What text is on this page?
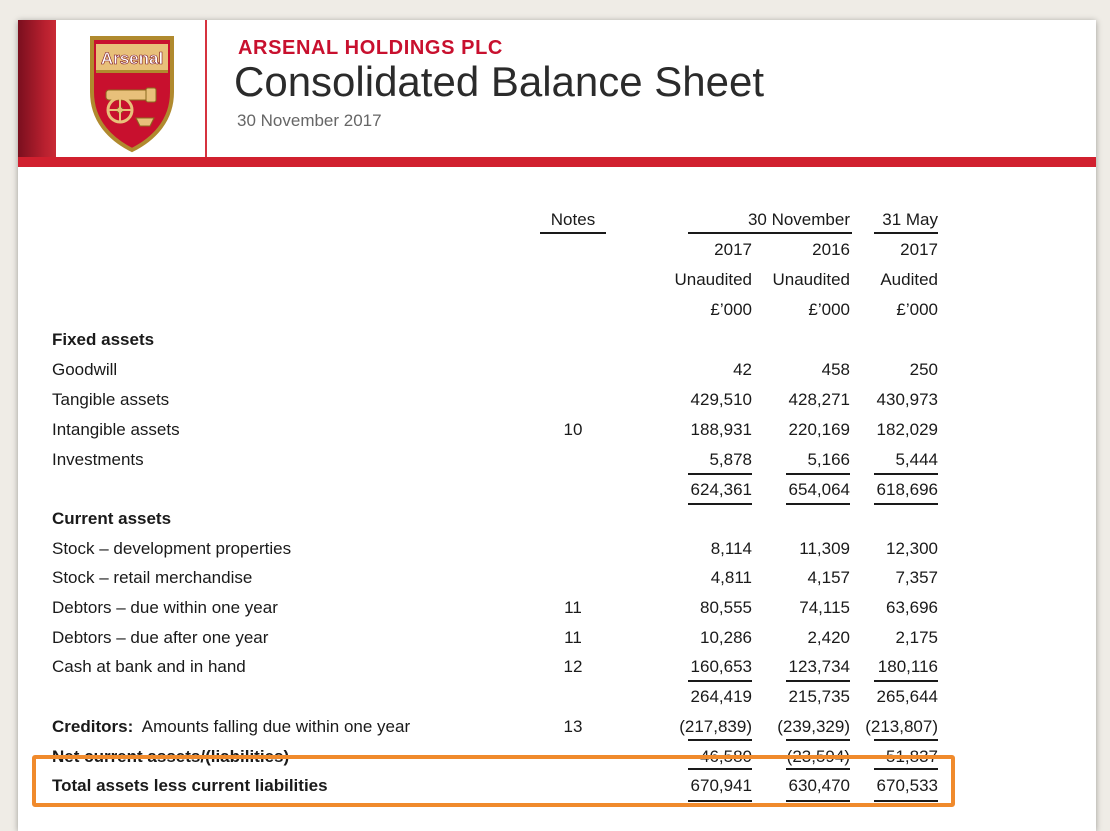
Arsenal	ARSENAL HOLDINGS PLC
Consolidated Balance Sheet
30 November 2017
Notes	30 November	31 May
2017	2016	2017
Unaudited	Unaudited	Audited
£’000	£’000	£’000
Fixed assets
Goodwill	42	458	250
Tangible assets	429,510	428,271	430,973
Intangible assets	10	188,931	220,169	182,029
Investments	5,878	5,166	5,444
624,361	654,064	618,696
Current assets
Stock – development properties	8,114	11,309	12,300
Stock – retail merchandise	4,811	4,157	7,357
Debtors – due within one year	11	80,555	74,115	63,696
Debtors – due after one year	11	10,286	2,420	2,175
Cash at bank and in hand	12	160,653	123,734	180,116
264,419	215,735	265,644
Creditors: Amounts falling due within one year	13	(217,839)	(239,329) (213,807)
Net current assets/(liabilities)	46,580	(23,594)	51,837
Total assets less current liabilities	670,941	630,470	670,533
